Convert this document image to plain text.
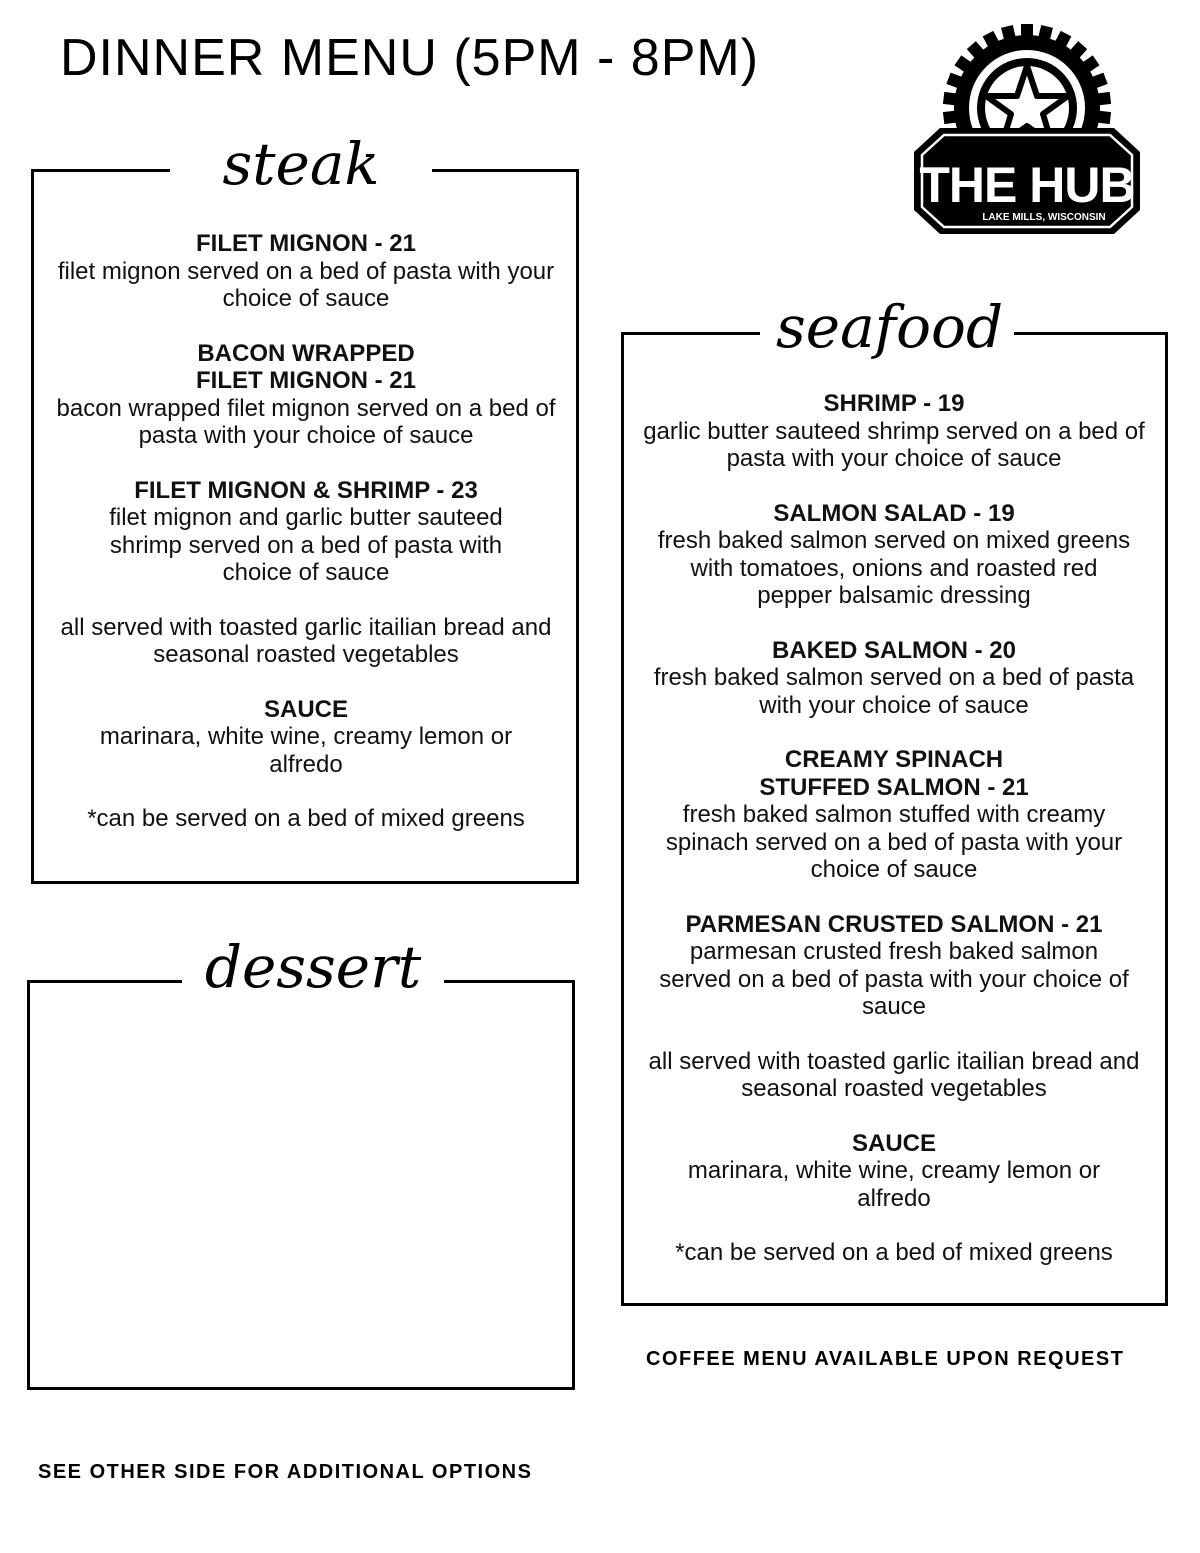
DINNER MENU (5PM - 8PM)
THE HUB
LAKE MILLS, WISCONSIN
steak
FILET MIGNON - 21
filet mignon served on a bed of pasta with your choice of sauce
BACON WRAPPED FILET MIGNON - 21
bacon wrapped filet mignon served on a bed of pasta with your choice of sauce
FILET MIGNON & SHRIMP - 23
filet mignon and garlic butter sauteed shrimp served on a bed of pasta with choice of sauce
all served with toasted garlic itailian bread and seasonal roasted vegetables
SAUCE
marinara, white wine, creamy lemon or alfredo
*can be served on a bed of mixed greens
seafood
SHRIMP - 19
garlic butter sauteed shrimp served on a bed of pasta with your choice of sauce
SALMON SALAD - 19
fresh baked salmon served on mixed greens with tomatoes, onions and roasted red pepper balsamic dressing
BAKED SALMON - 20
fresh baked salmon served on a bed of pasta with your choice of sauce
CREAMY SPINACH STUFFED SALMON - 21
fresh baked salmon stuffed with creamy spinach served on a bed of pasta with your choice of sauce
PARMESAN CRUSTED SALMON - 21
parmesan crusted fresh baked salmon served on a bed of pasta with your choice of sauce
all served with toasted garlic itailian bread and seasonal roasted vegetables
SAUCE
marinara, white wine, creamy lemon or alfredo
*can be served on a bed of mixed greens
dessert
COFFEE MENU AVAILABLE UPON REQUEST
SEE OTHER SIDE FOR ADDITIONAL OPTIONS
